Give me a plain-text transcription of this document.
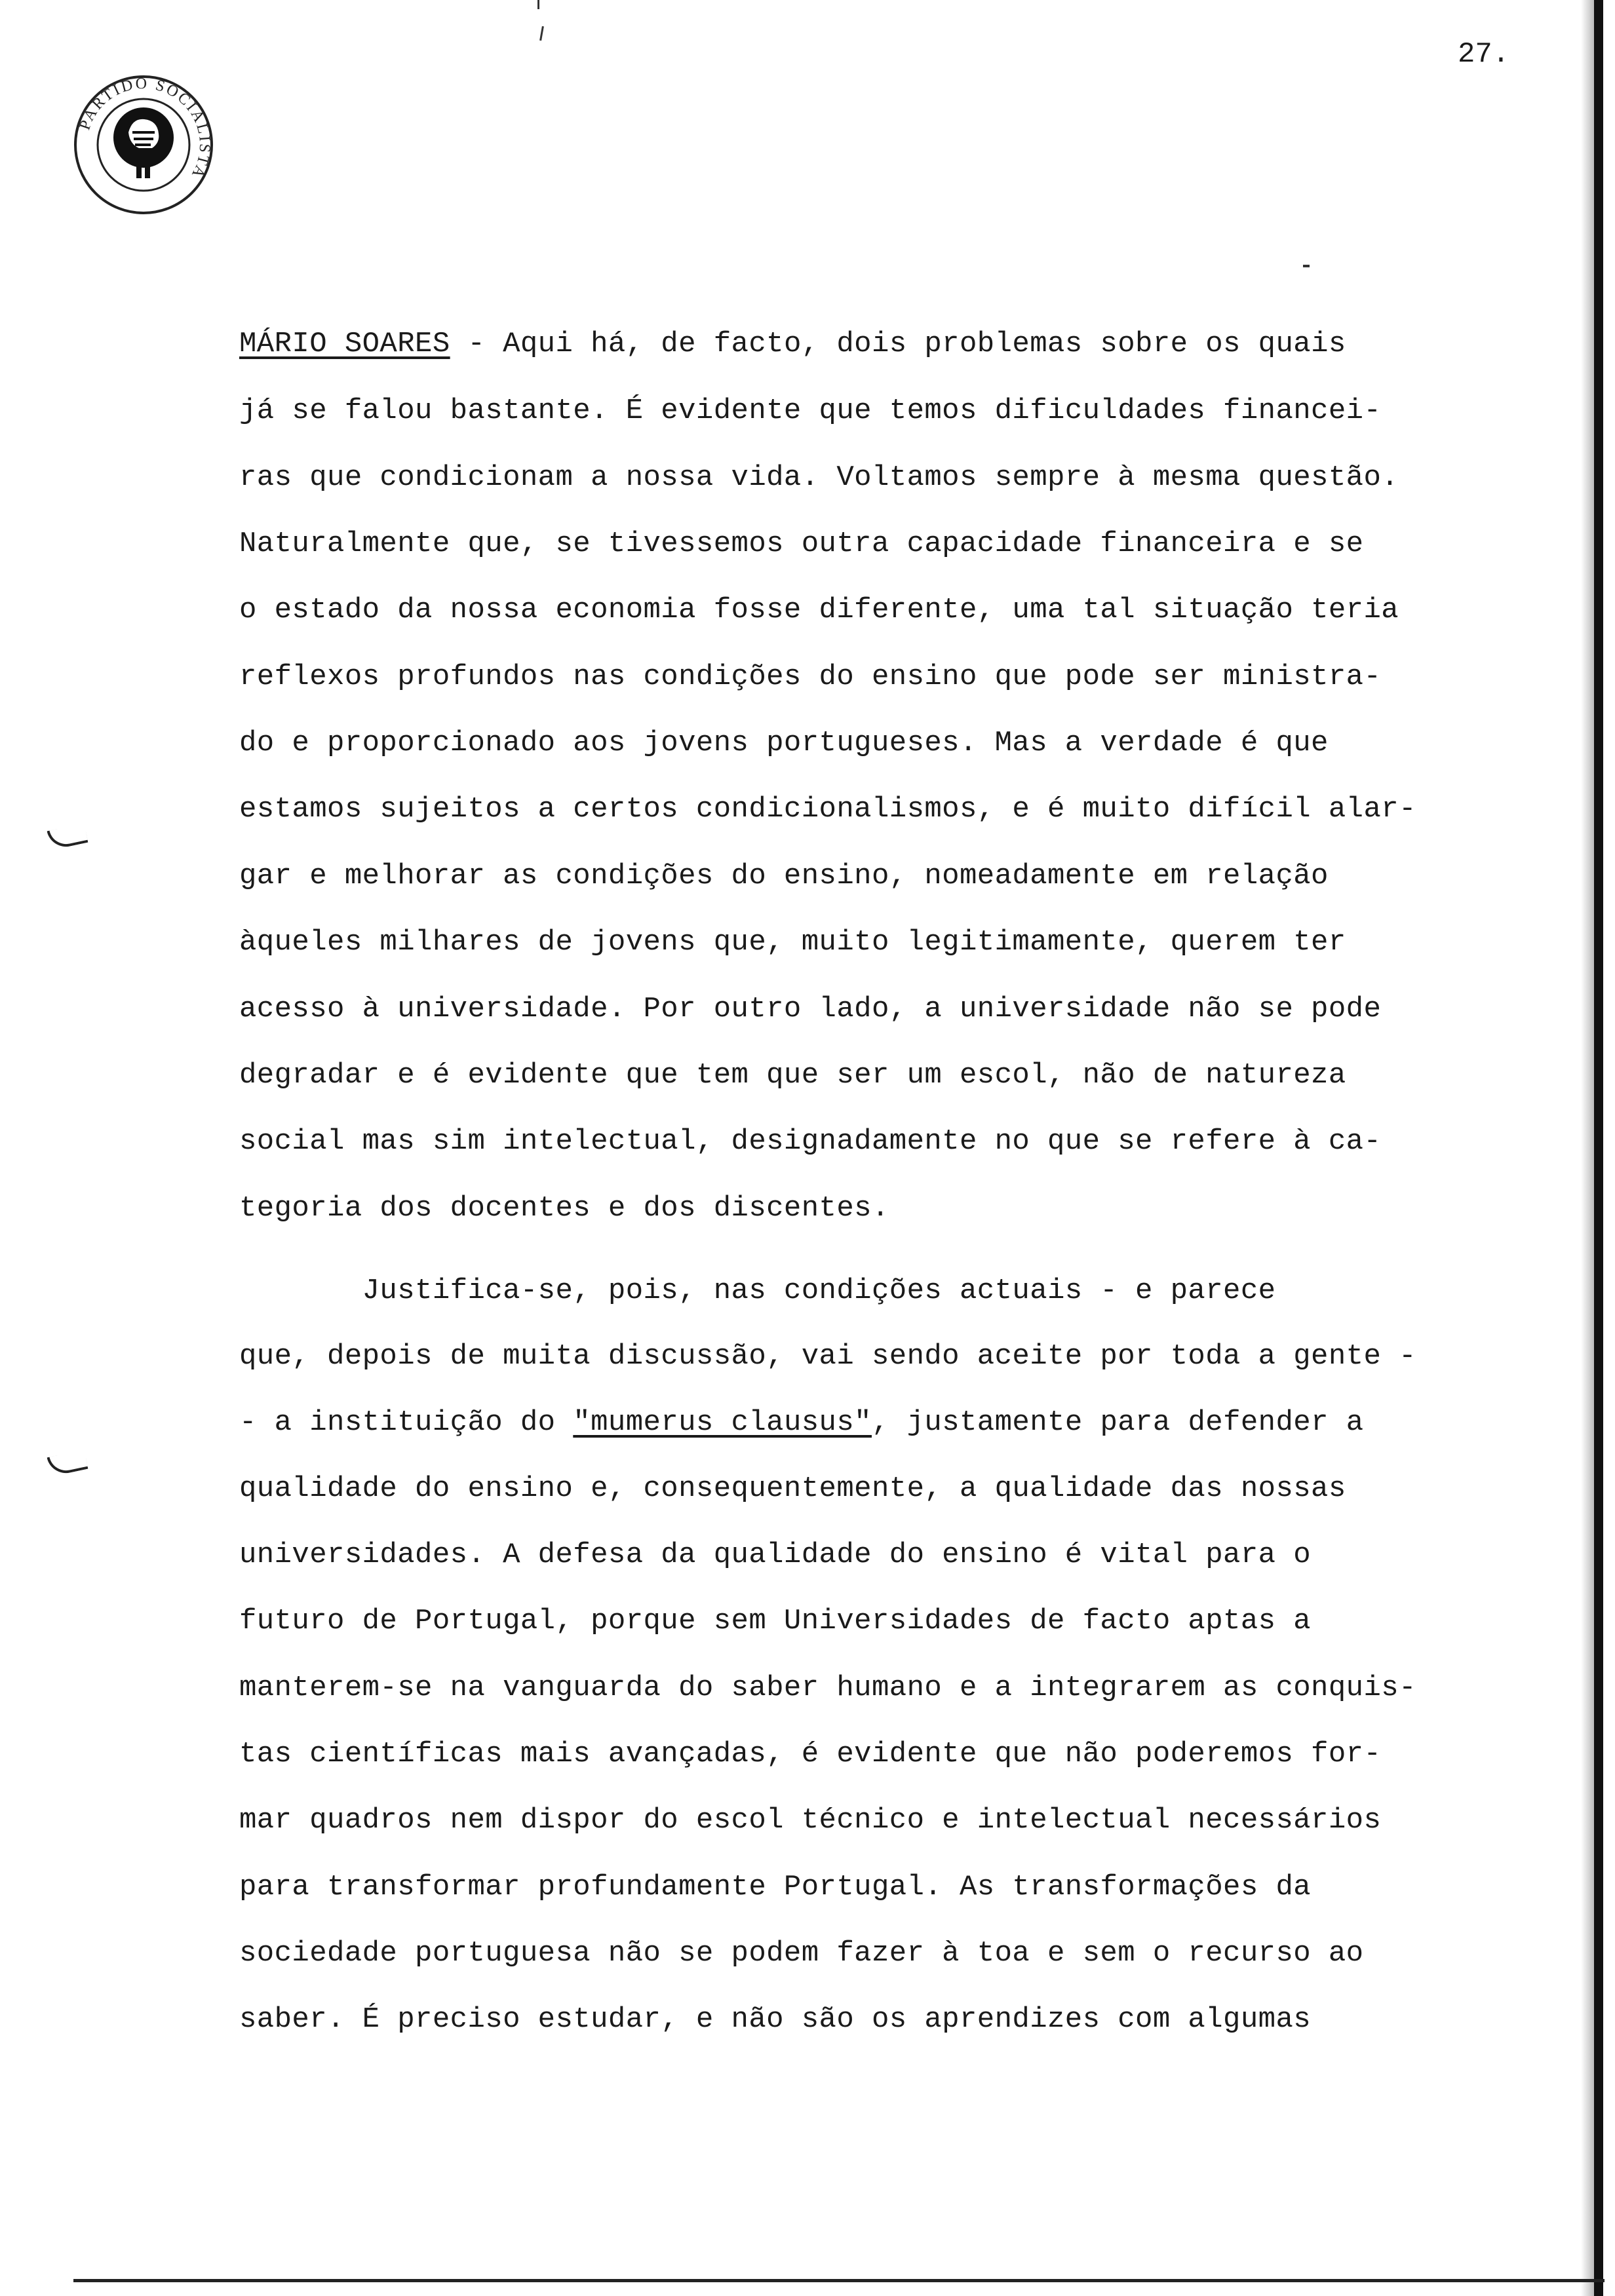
27.
PARTIDO SOCIALISTA
MÁRIO SOARES - Aqui há, de facto, dois problemas sobre os quais
já se falou bastante. É evidente que temos dificuldades financei-
ras que condicionam a nossa vida. Voltamos sempre à mesma questão.
Naturalmente que, se tivessemos outra capacidade financeira e se
o estado da nossa economia fosse diferente, uma tal situação teria
reflexos profundos nas condições do ensino que pode ser ministra-
do e proporcionado aos jovens portugueses. Mas a verdade é que
estamos sujeitos a certos condicionalismos, e é muito difícil alar-
gar e melhorar as condições do ensino, nomeadamente em relação
àqueles milhares de jovens que, muito legitimamente, querem ter
acesso à universidade. Por outro lado, a universidade não se pode
degradar e é evidente que tem que ser um escol, não de natureza
social mas sim intelectual, designadamente no que se refere à ca-
tegoria dos docentes e dos discentes.
Justifica-se, pois, nas condições actuais - e parece
que, depois de muita discussão, vai sendo aceite por toda a gente -
- a instituição do "mumerus clausus", justamente para defender a
qualidade do ensino e, consequentemente, a qualidade das nossas
universidades. A defesa da qualidade do ensino é vital para o
futuro de Portugal, porque sem Universidades de facto aptas a
manterem-se na vanguarda do saber humano e a integrarem as conquis-
tas científicas mais avançadas, é evidente que não poderemos for-
mar quadros nem dispor do escol técnico e intelectual necessários
para transformar profundamente Portugal. As transformações da
sociedade portuguesa não se podem fazer à toa e sem o recurso ao
saber. É preciso estudar, e não são os aprendizes com algumas
